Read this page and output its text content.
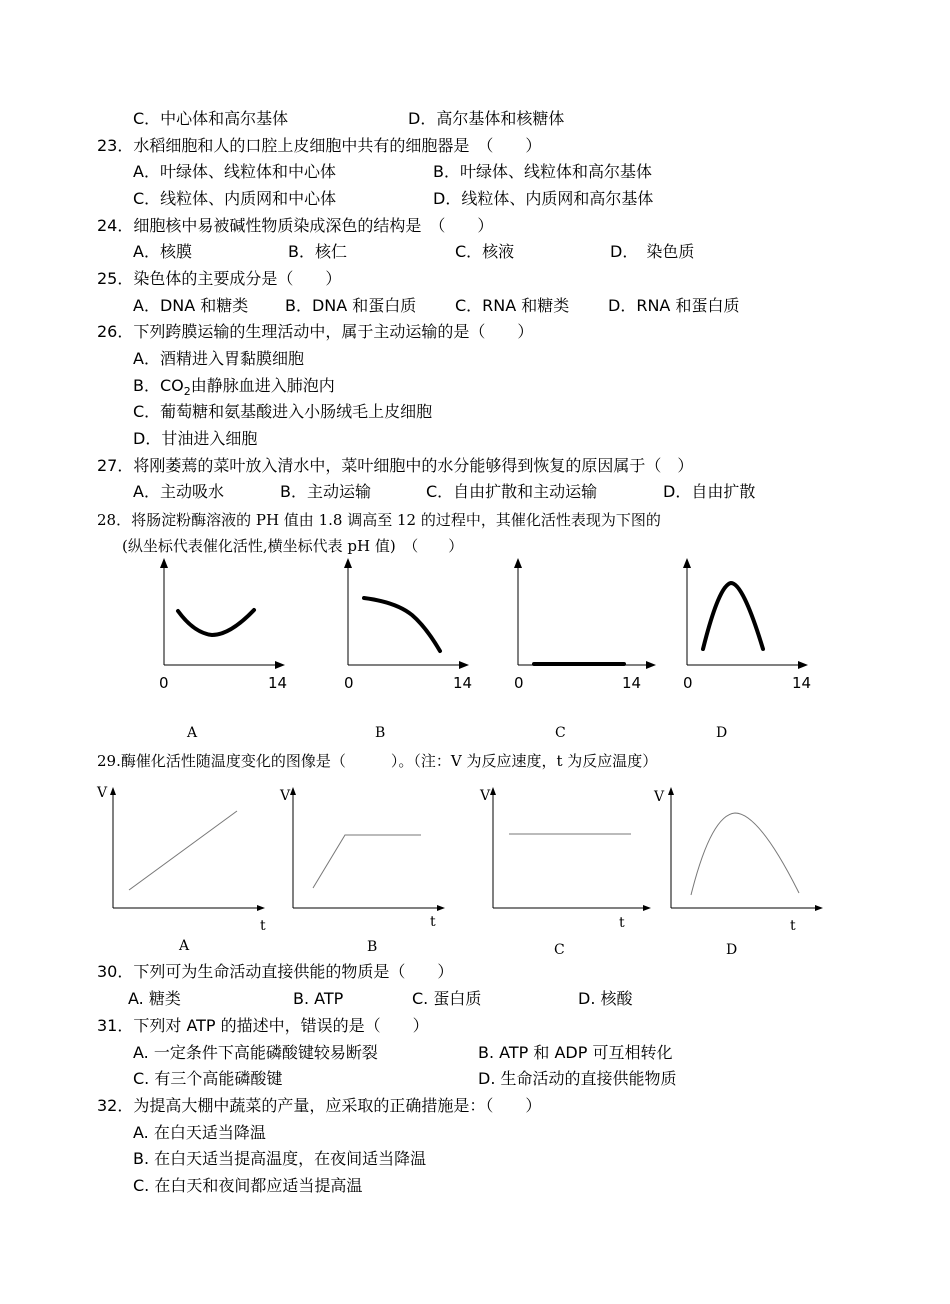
C．中心体和高尔基体	D．高尔基体和核糖体
23．水稻细胞和人的口腔上皮细胞中共有的细胞器是　（　　）
A．叶绿体、线粒体和中心体	B．叶绿体、线粒体和高尔基体
C．线粒体、内质网和中心体	D．线粒体、内质网和高尔基体
24．细胞核中易被碱性物质染成深色的结构是　（　　）
A．核膜	B．核仁	C．核液	D．　染色质
25．染色体的主要成分是（　　）
A．DNA 和糖类 B．DNA 和蛋白质 C．RNA 和糖类 D．RNA 和蛋白质
26．下列跨膜运输的生理活动中，属于主动运输的是（　　）
A．酒精进入胃黏膜细胞
B．$CO_2$由静脉血进入肺泡内
C．葡萄糖和氨基酸进入小肠绒毛上皮细胞
D．甘油进入细胞
27．将刚萎蔫的菜叶放入清水中，菜叶细胞中的水分能够得到恢复的原因属于（　）
A．主动吸水	B．主动运输	C．自由扩散和主动运输	D．自由扩散
28．将肠淀粉酶溶液的 PH 值由 1.8 调高至 12 的过程中，其催化活性表现为下图的
(纵坐标代表催化活性,横坐标代表 pH 值)　（　　）
0	14
A
0	14
B
0	14
C
0	14
D
29.酶催化活性随温度变化的图像是（　　　）。（注：V 为反应速度，t 为反应温度）
V
t
A
V
t
B
V
t
C
V
t
D
30．下列可为生命活动直接供能的物质是（　　）
A. 糖类	B. ATP	C. 蛋白质	D. 核酸
31．下列对 ATP 的描述中，错误的是（　　）
A. 一定条件下高能磷酸键较易断裂	B. ATP 和 ADP 可互相转化
C. 有三个高能磷酸键	D. 生命活动的直接供能物质
32．为提高大棚中蔬菜的产量，应采取的正确措施是：（　　）
A. 在白天适当降温
B. 在白天适当提高温度，在夜间适当降温
C. 在白天和夜间都应适当提高温
